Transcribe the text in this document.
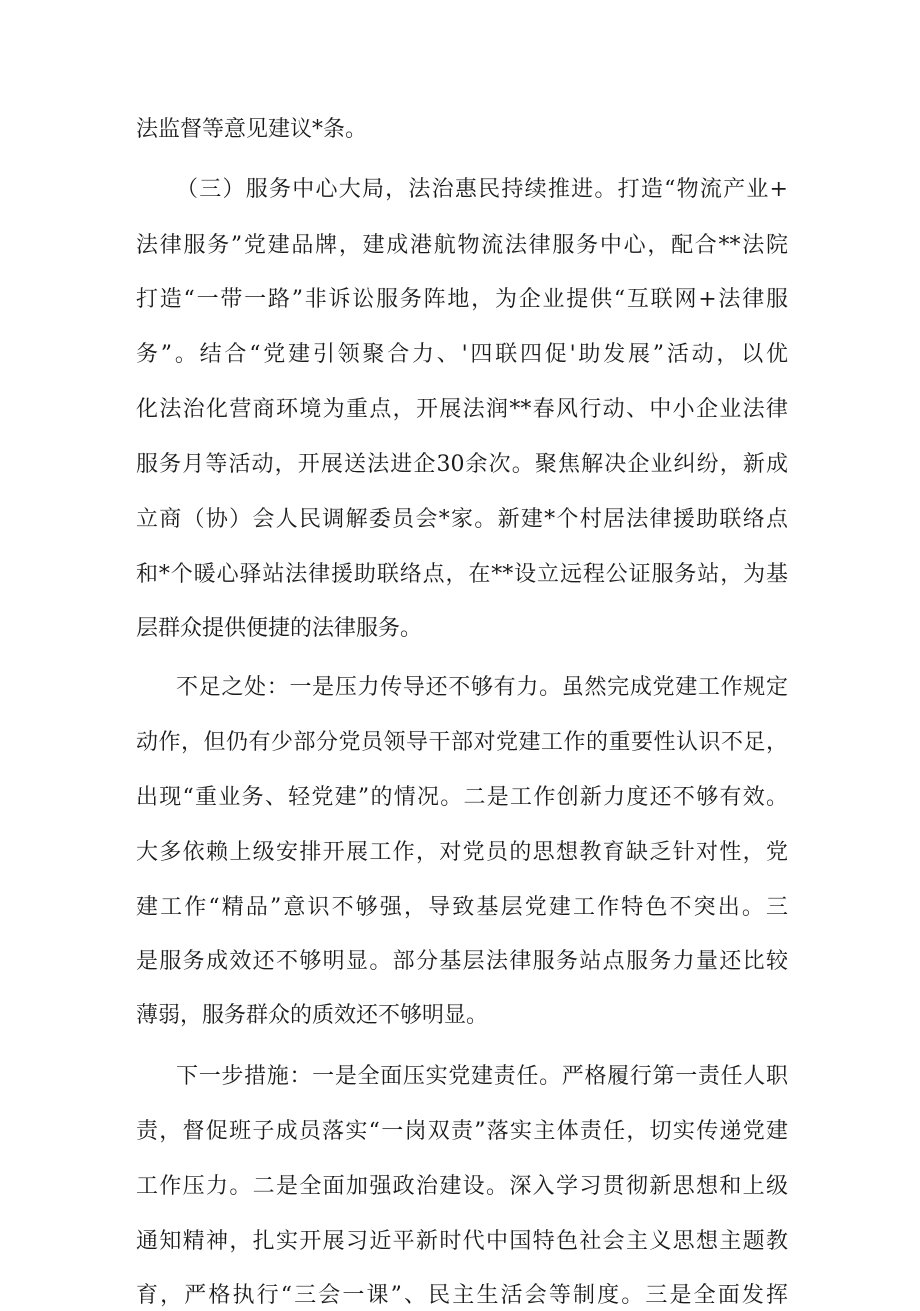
法监督等意见建议*条。
（三）服务中心大局，法治惠民持续推进。打造“物流产业+
法律服务”党建品牌，建成港航物流法律服务中心，配合**法院
打造“一带一路”非诉讼服务阵地，为企业提供“互联网+法律服
务”。结合“党建引领聚合力、'四联四促'助发展”活动，以优
化法治化营商环境为重点，开展法润**春风行动、中小企业法律
服务月等活动，开展送法进企30余次。聚焦解决企业纠纷，新成
立商（协）会人民调解委员会*家。新建*个村居法律援助联络点
和*个暖心驿站法律援助联络点，在**设立远程公证服务站，为基
层群众提供便捷的法律服务。
不足之处：一是压力传导还不够有力。虽然完成党建工作规定
动作，但仍有少部分党员领导干部对党建工作的重要性认识不足，
出现“重业务、轻党建”的情况。二是工作创新力度还不够有效。
大多依赖上级安排开展工作，对党员的思想教育缺乏针对性，党
建工作“精品”意识不够强，导致基层党建工作特色不突出。三
是服务成效还不够明显。部分基层法律服务站点服务力量还比较
薄弱，服务群众的质效还不够明显。
下一步措施：一是全面压实党建责任。严格履行第一责任人职
责，督促班子成员落实“一岗双责”落实主体责任，切实传递党建
工作压力。二是全面加强政治建设。深入学习贯彻新思想和上级
通知精神，扎实开展习近平新时代中国特色社会主义思想主题教
育，严格执行“三会一课”、民主生活会等制度。三是全面发挥
